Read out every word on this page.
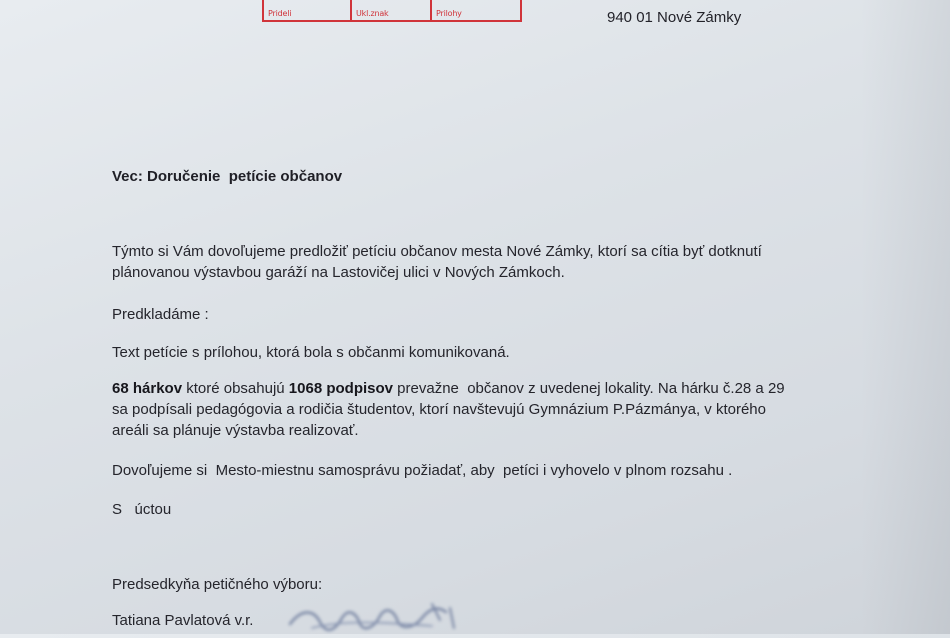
Prideli	Ukl.znak	Prilohy	940 01 Nové Zámky
Vec: Doručenie  petície občanov
Týmto si Vám dovoľujeme predložiť petíciu občanov mesta Nové Zámky, ktorí sa cítia byť dotknutí
plánovanou výstavbou garáží na Lastovičej ulici v Nových Zámkoch.
Predkladáme :
Text petície s prílohou, ktorá bola s občanmi komunikovaná.
68 hárkov ktoré obsahujú 1068 podpisov prevažne  občanov z uvedenej lokality. Na hárku č.28 a 29
sa podpísali pedagógovia a rodičia študentov, ktorí navštevujú Gymnázium P.Pázmánya, v ktorého
areáli sa plánuje výstavba realizovať.
Dovoľujeme si  Mesto-miestnu samosprávu požiadať, aby  petíci i vyhovelo v plnom rozsahu .
S   úctou
Predsedkyňa petičného výboru:
Tatiana Pavlatová v.r.
